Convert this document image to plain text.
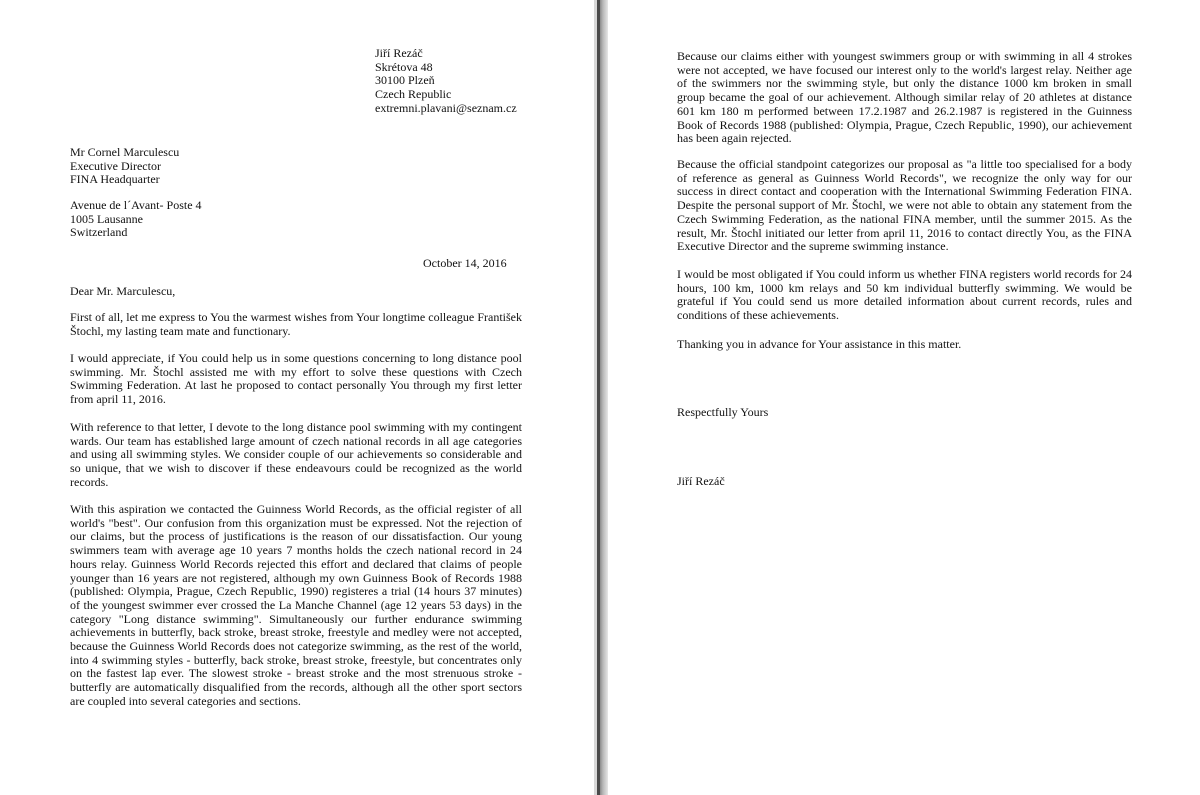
Jiří Rezáč
Skrétova 48
30100 Plzeň
Czech Republic
extremni.plavani@seznam.cz
Mr Cornel Marculescu
Executive Director
FINA Headquarter
Avenue de l´Avant- Poste 4
1005 Lausanne
Switzerland
October 14, 2016
Dear Mr. Marculescu,

First of all, let me express to You the warmest wishes from Your longtime colleague František Štochl, my lasting team mate and functionary.

I would appreciate, if You could help us in some questions concerning to long distance pool swimming. Mr. Štochl assisted me with my effort to solve these questions with Czech Swimming Federation. At last he proposed to contact personally You through my first letter from april 11, 2016.

With reference to that letter, I devote to the long distance pool swimming with my contingent wards. Our team has established large amount of czech national records in all age categories and using all swimming styles. We consider couple of our achievements so considerable and so unique, that we wish to discover if these endeavours could be recognized as the world records.

With this aspiration we contacted the Guinness World Records, as the official register of all world's "best". Our confusion from this organization must be expressed. Not the rejection of our claims, but the process of justifications is the reason of our dissatisfaction. Our young swimmers team with average age 10 years 7 months holds the czech national record in 24 hours relay. Guinness World Records rejected this effort and declared that claims of people younger than 16 years are not registered, although my own Guinness Book of Records 1988 (published: Olympia, Prague, Czech Republic, 1990) registeres a trial (14 hours 37 minutes) of the youngest swimmer ever crossed the La Manche Channel (age 12 years 53 days) in the category "Long distance swimming". Simultaneously our further endurance swimming achievements in butterfly, back stroke, breast stroke, freestyle and medley were not accepted, because the Guinness World Records does not categorize swimming, as the rest of the world, into 4 swimming styles - butterfly, back stroke, breast stroke, freestyle, but concentrates only on the fastest lap ever. The slowest stroke - breast stroke and the most strenuous stroke - butterfly are automatically disqualified from the records, although all the other sport sectors are coupled into several categories and sections.

Because our claims either with youngest swimmers group or with swimming in all 4 strokes were not accepted, we have focused our interest only to the world's largest relay. Neither age of the swimmers nor the swimming style, but only the distance 1000 km broken in small group became the goal of our achievement. Although similar relay of 20 athletes at distance 601 km 180 m performed between 17.2.1987 and 26.2.1987 is registered in the Guinness Book of Records 1988 (published: Olympia, Prague, Czech Republic, 1990), our achievement has been again rejected.

Because the official standpoint categorizes our proposal as "a little too specialised for a body of reference as general as Guinness World Records", we recognize the only way for our success in direct contact and cooperation with the International Swimming Federation FINA. Despite the personal support of Mr. Štochl, we were not able to obtain any statement from the Czech Swimming Federation, as the national FINA member, until the summer 2015. As the result, Mr. Štochl initiated our letter from april 11, 2016 to contact directly You, as the FINA Executive Director and the supreme swimming instance.

I would be most obligated if You could inform us whether FINA registers world records for 24 hours, 100 km, 1000 km relays and 50 km individual butterfly swimming. We would be grateful if You could send us more detailed information about current records, rules and conditions of these achievements.

Thanking you in advance for Your assistance in this matter.

Respectfully Yours

Jiří Rezáč
